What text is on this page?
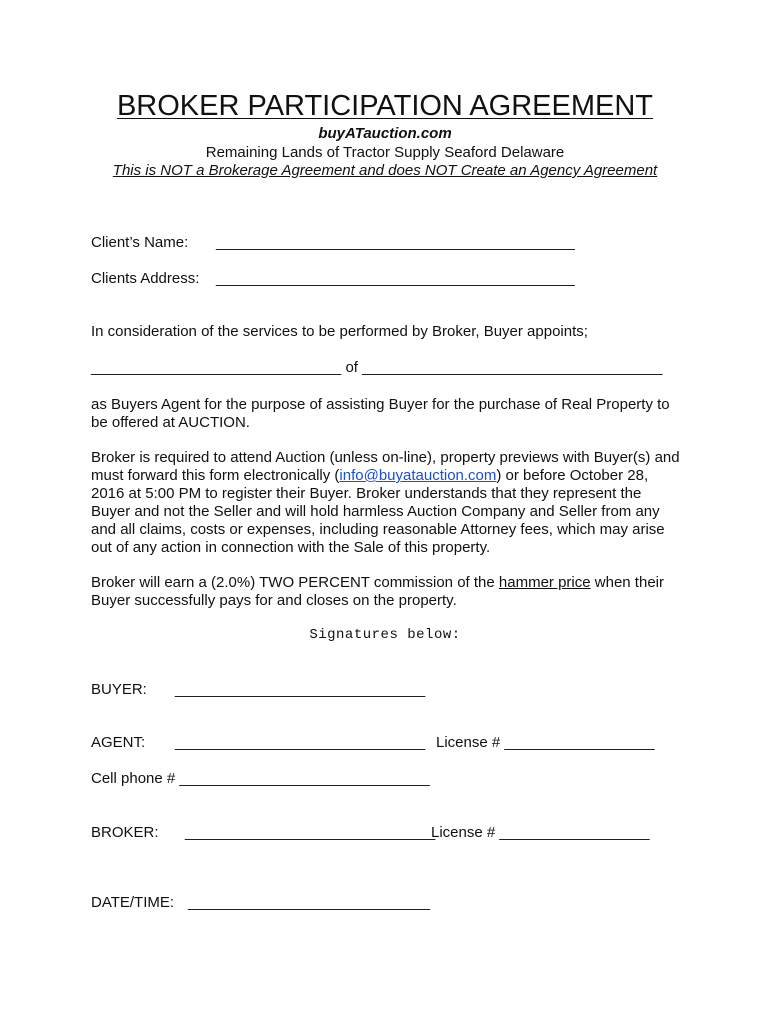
BROKER PARTICIPATION AGREEMENT
buyATauction.com
Remaining Lands of Tractor Supply Seaford Delaware
This is NOT a Brokerage Agreement and does NOT Create an Agency Agreement
Client’s Name: ___________________________________________
Clients Address: ___________________________________________
In consideration of the services to be performed by Broker, Buyer appoints;
______________________________ of ____________________________________
as Buyers Agent for the purpose of assisting Buyer for the purchase of Real Property to be offered at AUCTION.
Broker is required to attend Auction (unless on-line), property previews with Buyer(s) and must forward this form electronically (info@buyatauction.com) or before October 28, 2016 at 5:00 PM to register their Buyer. Broker understands that they represent the Buyer and not the Seller and will hold harmless Auction Company and Seller from any and all claims, costs or expenses, including reasonable Attorney fees, which may arise out of any action in connection with the Sale of this property.
Broker will earn a (2.0%) TWO PERCENT commission of the hammer price when their Buyer successfully pays for and closes on the property.
Signatures below:
BUYER: ______________________________
AGENT: ______________________________ License # __________________
Cell phone # ______________________________
BROKER: ______________________________
License # __________________
DATE/TIME: _____________________________
